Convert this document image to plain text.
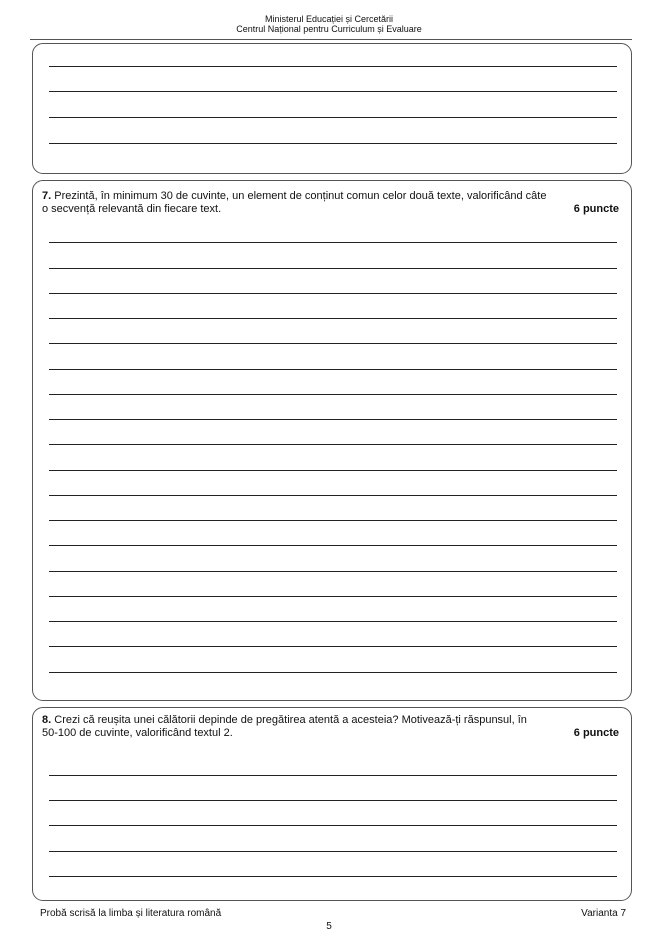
Ministerul Educației și Cercetării
Centrul Național pentru Curriculum și Evaluare
7. Prezintă, în minimum 30 de cuvinte, un element de conținut comun celor două texte, valorificând câte
o secvență relevantă din fiecare text.	6 puncte
8. Crezi că reușita unei călătorii depinde de pregătirea atentă a acesteia? Motivează-ți răspunsul, în
50-100 de cuvinte, valorificând textul 2.	6 puncte
Probă scrisă la limba și literatura română	Varianta 7
5
